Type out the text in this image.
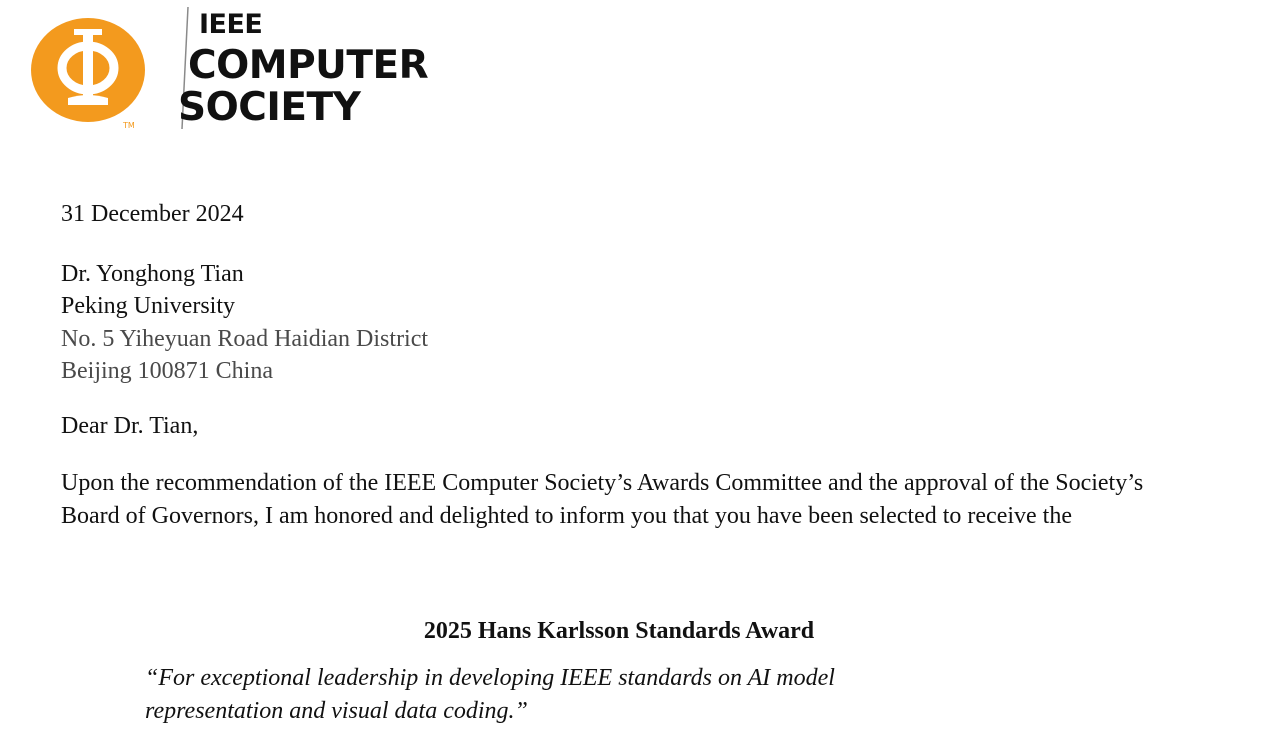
TM
IEEE
COMPUTER
SOCIETY

31 December 2024

Dr. Yonghong Tian
Peking University
No. 5 Yiheyuan Road Haidian District
Beijing 100871 China

Dear Dr. Tian,

Upon the recommendation of the IEEE Computer Society’s Awards Committee and the approval of the Society’s Board of Governors, I am honored and delighted to inform you that you have been selected to receive the

2025 Hans Karlsson Standards Award
“For exceptional leadership in developing IEEE standards on AI model
representation and visual data coding.”
